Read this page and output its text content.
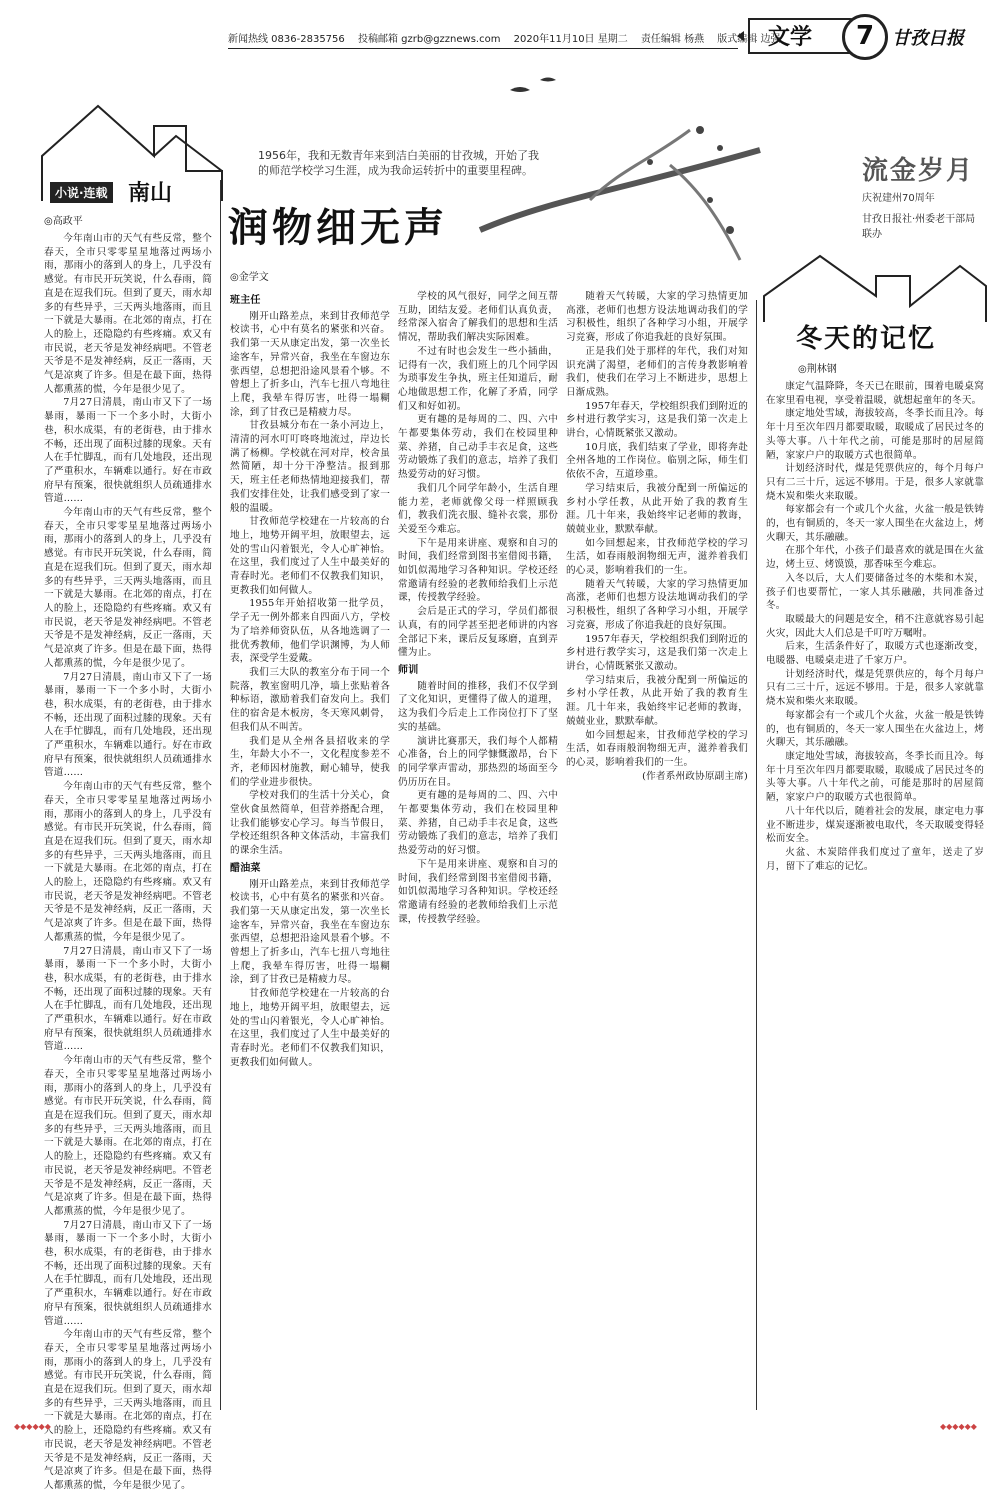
新闻热线 0836-2835756 投稿邮箱 gzrb@gzznews.com 2020年11月10日 星期二 责任编辑 杨燕 版式编辑 边强
文学	7 甘孜日报
小说·连载 南山
◎高政平

今年南山市的天气有些反常，整个春天，全市只零零星星地落过两场小雨，那雨小的落到人的身上，几乎没有感觉。有市民开玩笑说，什么春雨，简直是在逗我们玩。但到了夏天，雨水却多的有些异乎，三天两头地落雨，而且一下就是大暴雨。在北郊的南点，打在人的脸上，还隐隐约有些疼痛。欢又有市民说，老天爷是发神经病吧。不管老天爷是不是发神经病，反正一落雨，天气是凉爽了许多。但是在最下面，热得人都熏蒸的慌，今年是很少见了。

7月27日清晨，南山市又下了一场暴雨，暴雨一下一个多小时，大街小巷，积水成渠，有的老街巷，由于排水不畅，还出现了面积过膝的现象。天有人在手忙脚乱，而有几处地段，还出现了严重积水，车辆难以通行。好在市政府早有预案，很快就组织人员疏通排水管道……

今年南山市的天气有些反常，整个春天，全市只零零星星地落过两场小雨，那雨小的落到人的身上，几乎没有感觉。有市民开玩笑说，什么春雨，简直是在逗我们玩。但到了夏天，雨水却多的有些异乎，三天两头地落雨，而且一下就是大暴雨。在北郊的南点，打在人的脸上，还隐隐约有些疼痛。欢又有市民说，老天爷是发神经病吧。不管老天爷是不是发神经病，反正一落雨，天气是凉爽了许多。但是在最下面，热得人都熏蒸的慌，今年是很少见了。

7月27日清晨，南山市又下了一场暴雨，暴雨一下一个多小时，大街小巷，积水成渠，有的老街巷，由于排水不畅，还出现了面积过膝的现象。天有人在手忙脚乱，而有几处地段，还出现了严重积水，车辆难以通行。好在市政府早有预案，很快就组织人员疏通排水管道……

今年南山市的天气有些反常，整个春天，全市只零零星星地落过两场小雨，那雨小的落到人的身上，几乎没有感觉。有市民开玩笑说，什么春雨，简直是在逗我们玩。但到了夏天，雨水却多的有些异乎，三天两头地落雨，而且一下就是大暴雨。在北郊的南点，打在人的脸上，还隐隐约有些疼痛。欢又有市民说，老天爷是发神经病吧。不管老天爷是不是发神经病，反正一落雨，天气是凉爽了许多。但是在最下面，热得人都熏蒸的慌，今年是很少见了。

7月27日清晨，南山市又下了一场暴雨，暴雨一下一个多小时，大街小巷，积水成渠，有的老街巷，由于排水不畅，还出现了面积过膝的现象。天有人在手忙脚乱，而有几处地段，还出现了严重积水，车辆难以通行。好在市政府早有预案，很快就组织人员疏通排水管道……

今年南山市的天气有些反常，整个春天，全市只零零星星地落过两场小雨，那雨小的落到人的身上，几乎没有感觉。有市民开玩笑说，什么春雨，简直是在逗我们玩。但到了夏天，雨水却多的有些异乎，三天两头地落雨，而且一下就是大暴雨。在北郊的南点，打在人的脸上，还隐隐约有些疼痛。欢又有市民说，老天爷是发神经病吧。不管老天爷是不是发神经病，反正一落雨，天气是凉爽了许多。但是在最下面，热得人都熏蒸的慌，今年是很少见了。

7月27日清晨，南山市又下了一场暴雨，暴雨一下一个多小时，大街小巷，积水成渠，有的老街巷，由于排水不畅，还出现了面积过膝的现象。天有人在手忙脚乱，而有几处地段，还出现了严重积水，车辆难以通行。好在市政府早有预案，很快就组织人员疏通排水管道……

今年南山市的天气有些反常，整个春天，全市只零零星星地落过两场小雨，那雨小的落到人的身上，几乎没有感觉。有市民开玩笑说，什么春雨，简直是在逗我们玩。但到了夏天，雨水却多的有些异乎，三天两头地落雨，而且一下就是大暴雨。在北郊的南点，打在人的脸上，还隐隐约有些疼痛。欢又有市民说，老天爷是发神经病吧。不管老天爷是不是发神经病，反正一落雨，天气是凉爽了许多。但是在最下面，热得人都熏蒸的慌，今年是很少见了。

1956年，我和无数青年来到洁白美丽的甘孜城，开始了我的师范学校学习生涯，成为我命运转折中的重要里程碑。
润物细无声
◎金学文

班主任

刚开山路差点，来到甘孜师范学校读书，心中有莫名的紧张和兴奋。我们第一天从康定出发，第一次坐长途客车，异常兴奋，我坐在车窗边东张西望，总想把沿途风景看个够。不曾想上了折多山，汽车七扭八弯地往上爬，我晕车得厉害，吐得一塌糊涂，到了甘孜已是精疲力尽。

甘孜县城分布在一条小河边上，清清的河水叮叮咚咚地流过，岸边长满了杨柳。学校就在河对岸，校舍虽然简陋，却十分干净整洁。报到那天，班主任老师热情地迎接我们，帮我们安排住处，让我们感受到了家一般的温暖。

甘孜师范学校建在一片较高的台地上，地势开阔平坦，放眼望去，远处的雪山闪着银光，令人心旷神怡。在这里，我们度过了人生中最美好的青春时光。老师们不仅教我们知识，更教我们如何做人。

1955年开始招收第一批学员，学子无一例外都来自四面八方，学校为了培养师资队伍，从各地选调了一批优秀教师，他们学识渊博，为人师表，深受学生爱戴。

我们三大队的教室分布于同一个院落，教室窗明几净，墙上张贴着各种标语，激励着我们奋发向上。我们住的宿舍是木板房，冬天寒风刺骨，但我们从不叫苦。

我们是从全州各县招收来的学生，年龄大小不一，文化程度参差不齐，老师因材施教，耐心辅导，使我们的学业进步很快。

学校对我们的生活十分关心，食堂伙食虽然简单，但营养搭配合理，让我们能够安心学习。每当节假日，学校还组织各种文体活动，丰富我们的课余生活。

醋油菜

刚开山路差点，来到甘孜师范学校读书，心中有莫名的紧张和兴奋。我们第一天从康定出发，第一次坐长途客车，异常兴奋，我坐在车窗边东张西望，总想把沿途风景看个够。不曾想上了折多山，汽车七扭八弯地往上爬，我晕车得厉害，吐得一塌糊涂，到了甘孜已是精疲力尽。

甘孜师范学校建在一片较高的台地上，地势开阔平坦，放眼望去，远处的雪山闪着银光，令人心旷神怡。在这里，我们度过了人生中最美好的青春时光。老师们不仅教我们知识，更教我们如何做人。

学校的风气很好，同学之间互帮互助，团结友爱。老师们认真负责，经常深入宿舍了解我们的思想和生活情况，帮助我们解决实际困难。

不过有时也会发生一些小插曲，记得有一次，我们班上的几个同学因为琐事发生争执，班主任知道后，耐心地做思想工作，化解了矛盾，同学们又和好如初。

更有趣的是每周的二、四、六中午都要集体劳动，我们在校园里种菜、养猪，自己动手丰衣足食，这些劳动锻炼了我们的意志，培养了我们热爱劳动的好习惯。

我们几个同学年龄小，生活自理能力差，老师就像父母一样照顾我们，教我们洗衣服、缝补衣裳，那份关爱至今难忘。

下午是用来讲座、观察和自习的时间，我们经常到图书室借阅书籍，如饥似渴地学习各种知识。学校还经常邀请有经验的老教师给我们上示范课，传授教学经验。

会后是正式的学习，学员们都很认真，有的同学甚至把老师讲的内容全部记下来，课后反复琢磨，直到弄懂为止。

师训

随着时间的推移，我们不仅学到了文化知识，更懂得了做人的道理，这为我们今后走上工作岗位打下了坚实的基础。

演讲比赛那天，我们每个人都精心准备，台上的同学慷慨激昂，台下的同学掌声雷动，那热烈的场面至今仍历历在目。

更有趣的是每周的二、四、六中午都要集体劳动，我们在校园里种菜、养猪，自己动手丰衣足食，这些劳动锻炼了我们的意志，培养了我们热爱劳动的好习惯。

下午是用来讲座、观察和自习的时间，我们经常到图书室借阅书籍，如饥似渴地学习各种知识。学校还经常邀请有经验的老教师给我们上示范课，传授教学经验。

随着天气转暖，大家的学习热情更加高涨，老师们也想方设法地调动我们的学习积极性，组织了各种学习小组，开展学习竞赛，形成了你追我赶的良好氛围。

正是我们处于那样的年代，我们对知识充满了渴望，老师们的言传身教影响着我们，使我们在学习上不断进步，思想上日渐成熟。

1957年春天，学校组织我们到附近的乡村进行教学实习，这是我们第一次走上讲台，心情既紧张又激动。

10月底，我们结束了学业，即将奔赴全州各地的工作岗位。临别之际，师生们依依不舍，互道珍重。

学习结束后，我被分配到一所偏远的乡村小学任教，从此开始了我的教育生涯。几十年来，我始终牢记老师的教诲，兢兢业业，默默奉献。

如今回想起来，甘孜师范学校的学习生活，如春雨般润物细无声，滋养着我们的心灵，影响着我们的一生。

随着天气转暖，大家的学习热情更加高涨，老师们也想方设法地调动我们的学习积极性，组织了各种学习小组，开展学习竞赛，形成了你追我赶的良好氛围。

1957年春天，学校组织我们到附近的乡村进行教学实习，这是我们第一次走上讲台，心情既紧张又激动。

学习结束后，我被分配到一所偏远的乡村小学任教，从此开始了我的教育生涯。几十年来，我始终牢记老师的教诲，兢兢业业，默默奉献。

如今回想起来，甘孜师范学校的学习生活，如春雨般润物细无声，滋养着我们的心灵，影响着我们的一生。

(作者系州政协原副主席)

流金岁月
庆祝建州70周年
甘孜日报社·州委老干部局联办
冬天的记忆
◎荆林钢

康定气温降降，冬天已在眼前，围着电暖桌窝在家里看电视，享受着温暖，就想起童年的冬天。

康定地处雪域，海拔较高，冬季长而且冷。每年十月至次年四月都要取暖，取暖成了居民过冬的头等大事。八十年代之前，可能是那时的居屋简陋，家家户户的取暖方式也很简单。

计划经济时代，煤是凭票供应的，每个月每户只有二三十斤，远远不够用。于是，很多人家就靠烧木炭和柴火来取暖。

每家都会有一个或几个火盆，火盆一般是铁铸的，也有铜质的，冬天一家人围坐在火盆边上，烤火聊天，其乐融融。

在那个年代，小孩子们最喜欢的就是围在火盆边，烤土豆、烤馍馍，那香味至今难忘。

入冬以后，大人们要储备过冬的木柴和木炭，孩子们也要帮忙，一家人其乐融融，共同准备过冬。

取暖最大的问题是安全，稍不注意就容易引起火灾，因此大人们总是千叮咛万嘱咐。

后来，生活条件好了，取暖方式也逐渐改变，电暖器、电暖桌走进了千家万户。

计划经济时代，煤是凭票供应的，每个月每户只有二三十斤，远远不够用。于是，很多人家就靠烧木炭和柴火来取暖。

每家都会有一个或几个火盆，火盆一般是铁铸的，也有铜质的，冬天一家人围坐在火盆边上，烤火聊天，其乐融融。

康定地处雪域，海拔较高，冬季长而且冷。每年十月至次年四月都要取暖，取暖成了居民过冬的头等大事。八十年代之前，可能是那时的居屋简陋，家家户户的取暖方式也很简单。

八十年代以后，随着社会的发展，康定电力事业不断进步，煤炭逐渐被电取代，冬天取暖变得轻松而安全。

火盆、木炭陪伴我们度过了童年，送走了岁月，留下了难忘的记忆。

◆◆◆◆◆◆	◆◆◆◆◆◆
